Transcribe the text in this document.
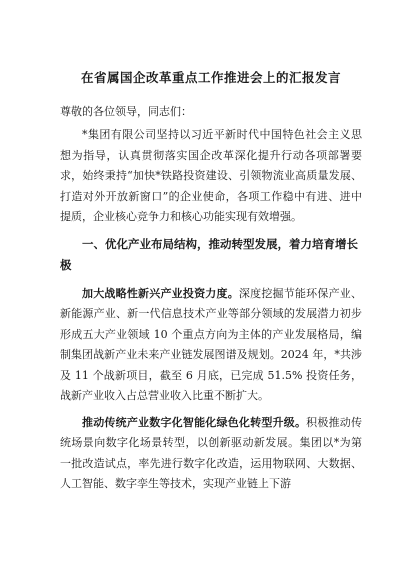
在省属国企改革重点工作推进会上的汇报发言
尊敬的各位领导，同志们：

*集团有限公司坚持以习近平新时代中国特色社会主义思想为指导，认真贯彻落实国企改革深化提升行动各项部署要求，始终秉持“加快*铁路投资建设、引领物流业高质量发展、打造对外开放新窗口”的企业使命，各项工作稳中有进、进中提质，企业核心竞争力和核心功能实现有效增强。

一、优化产业布局结构，推动转型发展，着力培育增长极

加大战略性新兴产业投资力度。深度挖掘节能环保产业、新能源产业、新一代信息技术产业等部分领域的发展潜力初步形成五大产业领域 10 个重点方向为主体的产业发展格局，编制集团战新产业未来产业链发展图谱及规划。2024 年，*共涉及 11 个战新项目，截至 6 月底，已完成 51.5% 投资任务，战新产业收入占总营业收入比重不断扩大。

推动传统产业数字化智能化绿色化转型升级。积极推动传统场景向数字化场景转型，以创新驱动新发展。集团以*为第一批改造试点，率先进行数字化改造，运用物联网、大数据、人工智能、数字孪生等技术，实现产业链上下游
